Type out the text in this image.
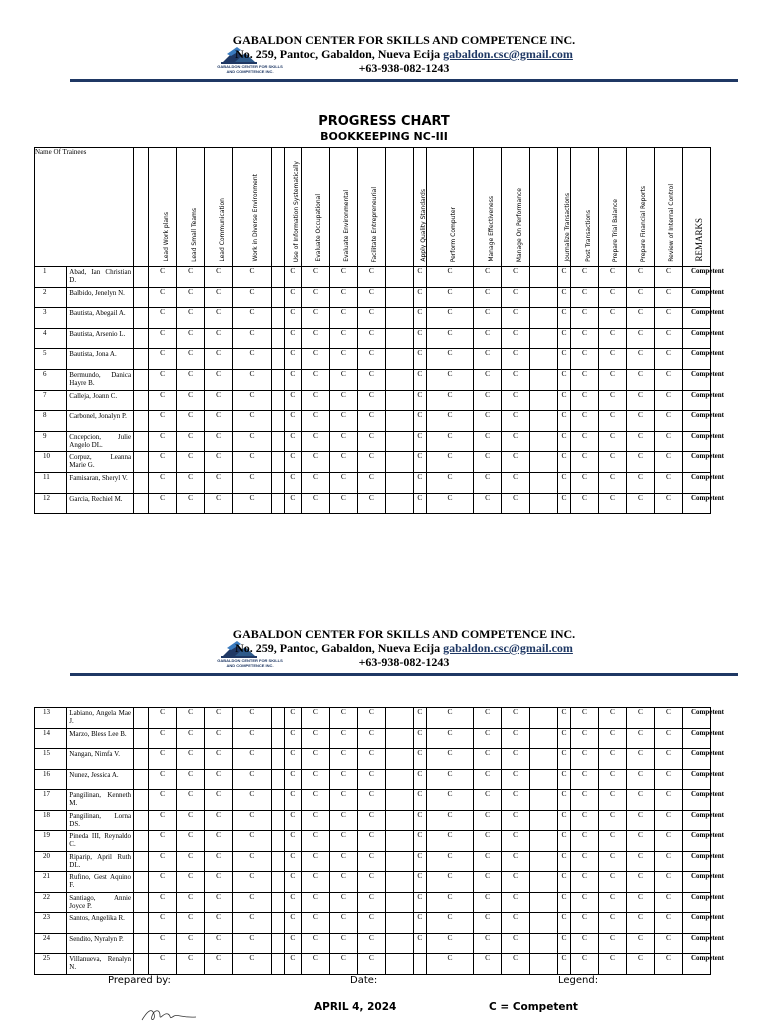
GABALDON CENTER FOR SKILLS AND COMPETENCE INC.
GABALDON CENTER FOR SKILLS AND COMPETENCE INC.
No. 259, Pantoc, Gabaldon, Nueva Ecija gabaldon.csc@gmail.com
+63-938-082-1243
PROGRESS CHART
BOOKKEEPING NC-III
Name Of Trainees			Lead Work plans	Lead Small Teams	Lead Communication	Work in Diverse Environment		Use of Information Systematically	Evaluate Occupational	Evaluate Environmental	Facilitate Entrepreneurial		Apply Quality Standards	Perform Computer	Manage Effectiveness	Manage On Performance		Journalize Transactions	Post Transactions	Prepare Trial Balance	Prepare Financial Reports	Review of Internal Control	REMARKS

1	Abad, Ian Christian D.		C	C	C	C		C	C	C	C		C	C	C	C		C	C	C	C	C	Competent
2	Balbido, Jenelyn N.		C	C	C	C		C	C	C	C		C	C	C	C		C	C	C	C	C	Competent
3	Bautista, Abegail A.		C	C	C	C		C	C	C	C		C	C	C	C		C	C	C	C	C	Competent
4	Bautista, Arsenio L.		C	C	C	C		C	C	C	C		C	C	C	C		C	C	C	C	C	Competent
5	Bautista, Jona A.		C	C	C	C		C	C	C	C		C	C	C	C		C	C	C	C	C	Competent
6	Bermundo, Danica Hayre B.		C	C	C	C		C	C	C	C		C	C	C	C		C	C	C	C	C	Competent
7	Calleja, Joann C.		C	C	C	C		C	C	C	C		C	C	C	C		C	C	C	C	C	Competent
8	Carbonel, Jonalyn P.		C	C	C	C		C	C	C	C		C	C	C	C		C	C	C	C	C	Competent
9	Cncepcion, Julie Angelo DL.		C	C	C	C		C	C	C	C		C	C	C	C		C	C	C	C	C	Competent
10	Corpuz, Leanna Marie G.		C	C	C	C		C	C	C	C		C	C	C	C		C	C	C	C	C	Competent
11	Famisaran, Sheryl V.		C	C	C	C		C	C	C	C		C	C	C	C		C	C	C	C	C	Competent
12	Garcia, Rechiel M.		C	C	C	C		C	C	C	C		C	C	C	C		C	C	C	C	C	Competent
GABALDON CENTER FOR SKILLS AND COMPETENCE INC.
GABALDON CENTER FOR SKILLS AND COMPETENCE INC.
No. 259, Pantoc, Gabaldon, Nueva Ecija gabaldon.csc@gmail.com
+63-938-082-1243
13	Labiano, Angela Mae J.		C	C	C	C		C	C	C	C		C	C	C	C		C	C	C	C	C	Competent
14	Marzo, Bless Lee B.		C	C	C	C		C	C	C	C		C	C	C	C		C	C	C	C	C	Competent
15	Nangan, Nimfa V.		C	C	C	C		C	C	C	C		C	C	C	C		C	C	C	C	C	Competent
16	Nunez, Jessica A.		C	C	C	C		C	C	C	C		C	C	C	C		C	C	C	C	C	Competent
17	Pangilinan, Kenneth M.		C	C	C	C		C	C	C	C		C	C	C	C		C	C	C	C	C	Competent
18	Pangilinan, Lorna DS.		C	C	C	C		C	C	C	C		C	C	C	C		C	C	C	C	C	Competent
19	Pineda III, Reynaldo C.		C	C	C	C		C	C	C	C		C	C	C	C		C	C	C	C	C	Competent
20	Riparip, April Ruth DL.		C	C	C	C		C	C	C	C		C	C	C	C		C	C	C	C	C	Competent
21	Rufino, Gest Aquino F.		C	C	C	C		C	C	C	C		C	C	C	C		C	C	C	C	C	Competent
22	Santiago, Annie Joyce P.		C	C	C	C		C	C	C	C		C	C	C	C		C	C	C	C	C	Competent
23	Santos, Angelika R.		C	C	C	C		C	C	C	C		C	C	C	C		C	C	C	C	C	Competent
24	Sendito, Nyralyn P.		C	C	C	C		C	C	C	C		C	C	C	C		C	C	C	C	C	Competent
25	Villanueva, Renalyn N.		C	C	C	C		C	C	C	C			C	C	C		C	C	C	C	C	Competent
Prepared by:	Date:	Legend:
APRIL 4, 2024	C = Competent
